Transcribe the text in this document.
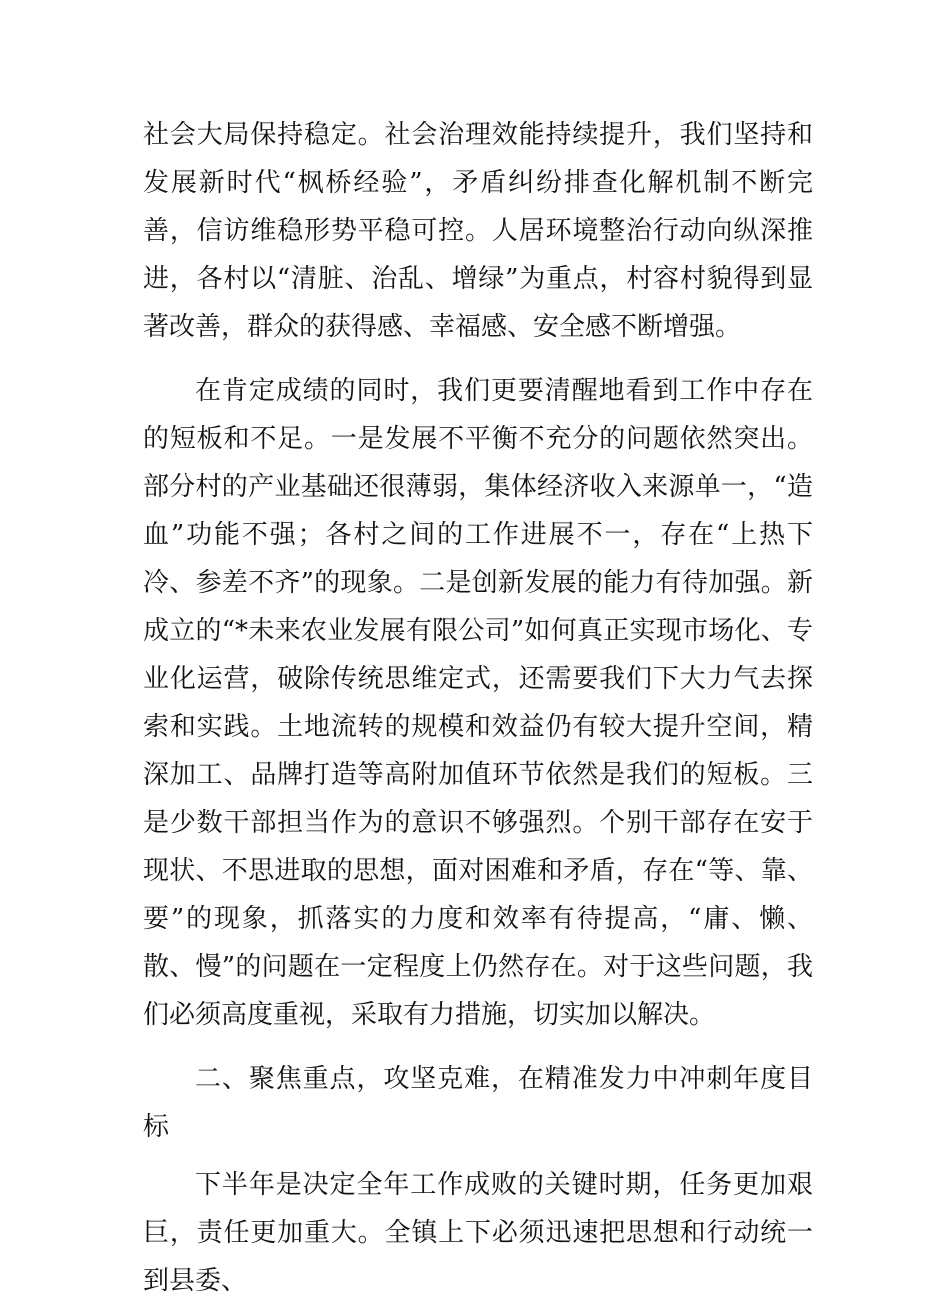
社会大局保持稳定。社会治理效能持续提升，我们坚持和发展新时代“枫桥经验”，矛盾纠纷排查化解机制不断完善，信访维稳形势平稳可控。人居环境整治行动向纵深推进，各村以“清脏、治乱、增绿”为重点，村容村貌得到显著改善，群众的获得感、幸福感、安全感不断增强。

在肯定成绩的同时，我们更要清醒地看到工作中存在的短板和不足。一是发展不平衡不充分的问题依然突出。部分村的产业基础还很薄弱，集体经济收入来源单一，“造血”功能不强；各村之间的工作进展不一，存在“上热下冷、参差不齐”的现象。二是创新发展的能力有待加强。新成立的“*未来农业发展有限公司”如何真正实现市场化、专业化运营，破除传统思维定式，还需要我们下大力气去探索和实践。土地流转的规模和效益仍有较大提升空间，精深加工、品牌打造等高附加值环节依然是我们的短板。三是少数干部担当作为的意识不够强烈。个别干部存在安于现状、不思进取的思想，面对困难和矛盾，存在“等、靠、要”的现象，抓落实的力度和效率有待提高，“庸、懒、散、慢”的问题在一定程度上仍然存在。对于这些问题，我们必须高度重视，采取有力措施，切实加以解决。

二、聚焦重点，攻坚克难，在精准发力中冲刺年度目标

下半年是决定全年工作成败的关键时期，任务更加艰巨，责任更加重大。全镇上下必须迅速把思想和行动统一到县委、
